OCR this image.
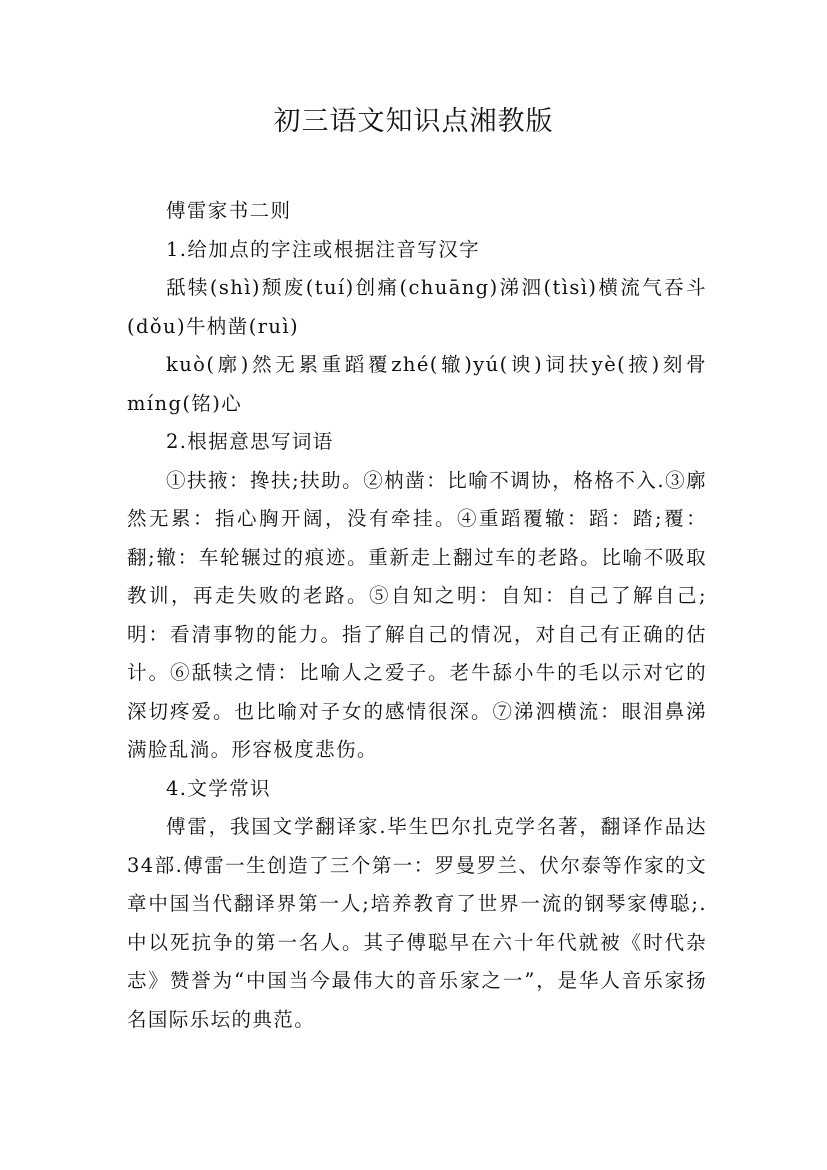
初三语文知识点湘教版

傅雷家书二则

1.给加点的字注或根据注音写汉字

舐犊(shì)颓废(tuí)创痛(chuāng)涕泗(tìsì)横流气吞斗(dǒu)牛枘凿(ruì)

kuò(廓)然无累重蹈覆zhé(辙)yú(谀)词扶yè(掖)刻骨míng(铭)心

2.根据意思写词语

①扶掖：搀扶;扶助。②枘凿：比喻不调协，格格不入.③廓然无累：指心胸开阔，没有牵挂。④重蹈覆辙：蹈：踏;覆：翻;辙：车轮辗过的痕迹。重新走上翻过车的老路。比喻不吸取教训，再走失败的老路。⑤自知之明：自知：自己了解自己;明：看清事物的能力。指了解自己的情况，对自己有正确的估计。⑥舐犊之情：比喻人之爱子。老牛舔小牛的毛以示对它的深切疼爱。也比喻对子女的感情很深。⑦涕泗横流：眼泪鼻涕满脸乱淌。形容极度悲伤。

4.文学常识

傅雷，我国文学翻译家.毕生巴尔扎克学名著，翻译作品达34部.傅雷一生创造了三个第一：罗曼罗兰、伏尔泰等作家的文章中国当代翻译界第一人;培养教育了世界一流的钢琴家傅聪;.中以死抗争的第一名人。其子傅聪早在六十年代就被《时代杂志》赞誉为“中国当今最伟大的音乐家之一”，是华人音乐家扬名国际乐坛的典范。
